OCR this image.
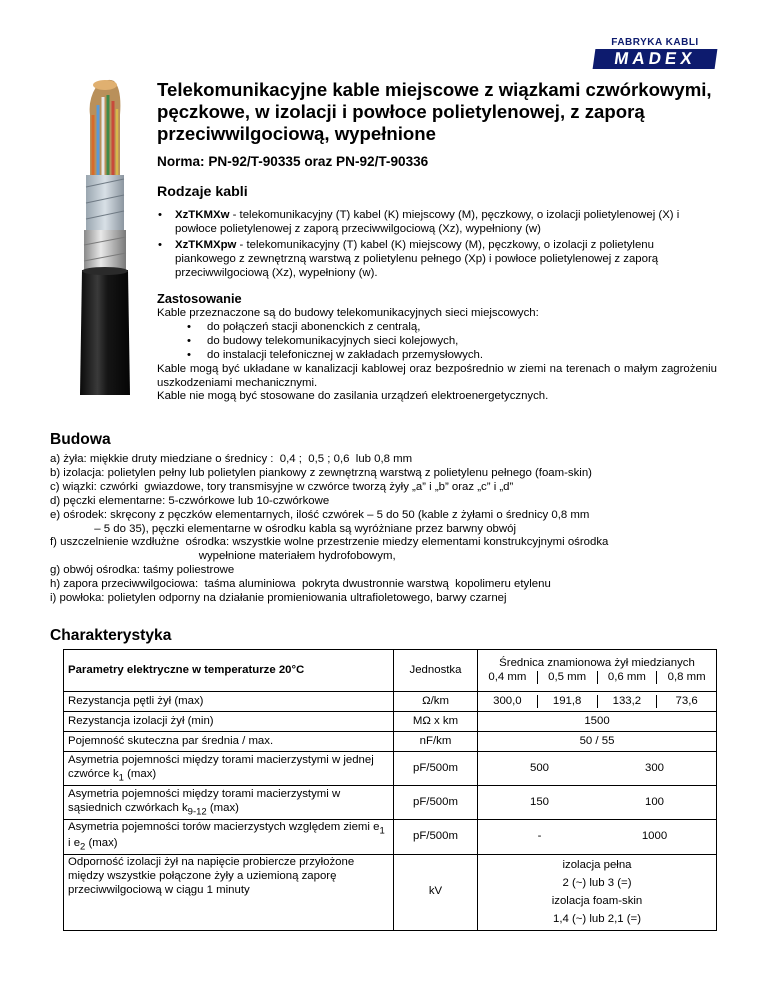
FABRYKA KABLI
MADEX
Telekomunikacyjne kable miejscowe z wiązkami czwórkowymi, pęczkowe, w izolacji i powłoce polietylenowej, z zaporą przeciwwilgociową, wypełnione
Norma: PN-92/T-90335 oraz PN-92/T-90336
Rodzaje kabli
• XzTKMXw - telekomunikacyjny (T) kabel (K) miejscowy (M), pęczkowy, o izolacji polietylenowej (X) i powłoce polietylenowej z zaporą przeciwwilgociową (Xz), wypełniony (w)
• XzTKMXpw - telekomunikacyjny (T) kabel (K) miejscowy (M), pęczkowy, o izolacji z polietylenu piankowego z zewnętrzną warstwą z polietylenu pełnego (Xp) i powłoce polietylenowej z zaporą przeciwwilgociową (Xz), wypełniony (w).
Zastosowanie
Kable przeznaczone są do budowy telekomunikacyjnych sieci miejscowych:
• do połączeń stacji abonenckich z centralą,
• do budowy telekomunikacyjnych sieci kolejowych,
• do instalacji telefonicznej w zakładach przemysłowych.
Kable mogą być układane w kanalizacji kablowej oraz bezpośrednio w ziemi na terenach o małym zagrożeniu uszkodzeniami mechanicznymi.
Kable nie mogą być stosowane do zasilania urządzeń elektroenergetycznych.
Budowa
a) żyła: miękkie druty miedziane o średnicy :  0,4 ;  0,5 ; 0,6  lub 0,8 mm
b) izolacja: polietylen pełny lub polietylen piankowy z zewnętrzną warstwą z polietylenu pełnego (foam-skin)
c) wiązki: czwórki  gwiazdowe, tory transmisyjne w czwórce tworzą żyły „a” i „b” oraz „c” i „d”
d) pęczki elementarne: 5-czwórkowe lub 10-czwórkowe
e) ośrodek: skręcony z pęczków elementarnych, ilość czwórek – 5 do 50 (kable z żyłami o średnicy 0,8 mm
– 5 do 35), pęczki elementarne w ośrodku kabla są wyróżniane przez barwny obwój
f) uszczelnienie wzdłużne  ośrodka: wszystkie wolne przestrzenie miedzy elementami konstrukcyjnymi ośrodka
wypełnione materiałem hydrofobowym,
g) obwój ośrodka: taśmy poliestrowe
h) zapora przeciwwilgociowa:  taśma aluminiowa  pokryta dwustronnie warstwą  kopolimeru etylenu
i) powłoka: polietylen odporny na działanie promieniowania ultrafioletowego, barwy czarnej
Charakterystyka
Parametry elektryczne w temperaturze 20°C	Jednostka	Średnica znamionowa żył miedzianych
0,4 mm 0,5 mm 0,6 mm 0,8 mm

Rezystancja pętli żył (max)	Ω/km	300,0 191,8 133,2 73,6

Rezystancja izolacji żył (min)	MΩ x km	1500
Pojemność skuteczna par średnia / max.	nF/km	50 / 55
Asymetria pojemności między torami macierzystymi w jednej czwórce $k_1$ (max)	pF/500m	500 300

Asymetria pojemności między torami macierzystymi w sąsiednich czwórkach $k_{9-12}$ (max)	pF/500m	150 100

Asymetria pojemności torów macierzystych względem ziemi $e_1$ i $e_2$ (max)	pF/500m	- 1000

Odporność izolacji żył na napięcie probiercze przyłożone między wszystkie połączone żyły a uziemioną zaporę przeciwwilgociową w ciągu 1 minuty	kV	izolacja pełna
2 (~) lub 3 (=)
izolacja foam-skin
1,4 (~) lub 2,1 (=)
